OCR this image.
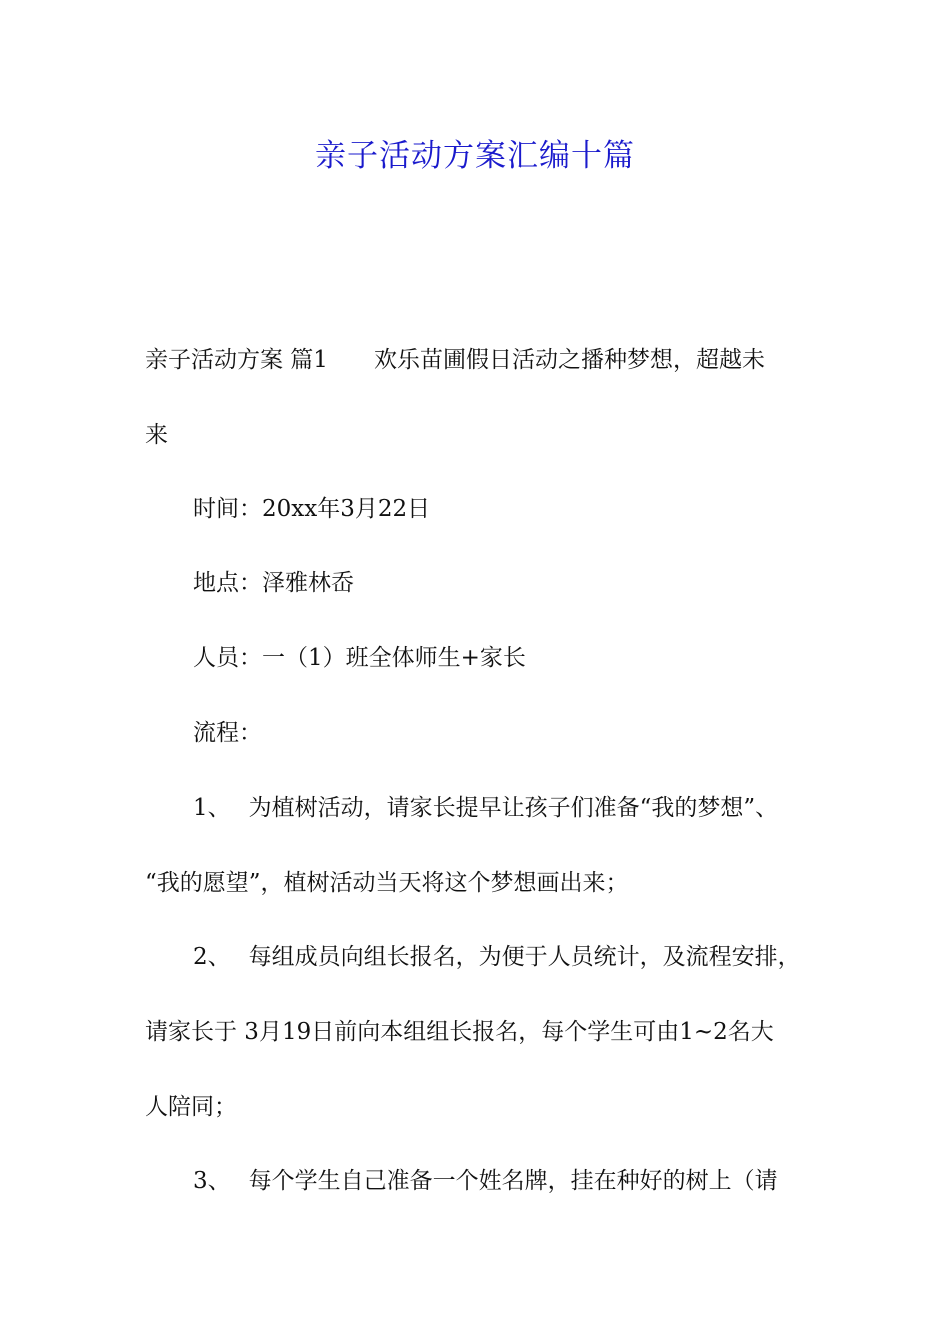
亲子活动方案汇编十篇
亲子活动方案 篇1 欢乐苗圃假日活动之播种梦想，超越未
来
时间：20xx年3月22日
地点：泽雅林岙
人员：一（1）班全体师生+家长
流程：
1、 为植树活动，请家长提早让孩子们准备“我的梦想”、
“我的愿望”，植树活动当天将这个梦想画出来；
2、 每组成员向组长报名，为便于人员统计，及流程安排，
请家长于 3月19日前向本组组长报名，每个学生可由1~2名大
人陪同；
3、 每个学生自己准备一个姓名牌，挂在种好的树上（请
